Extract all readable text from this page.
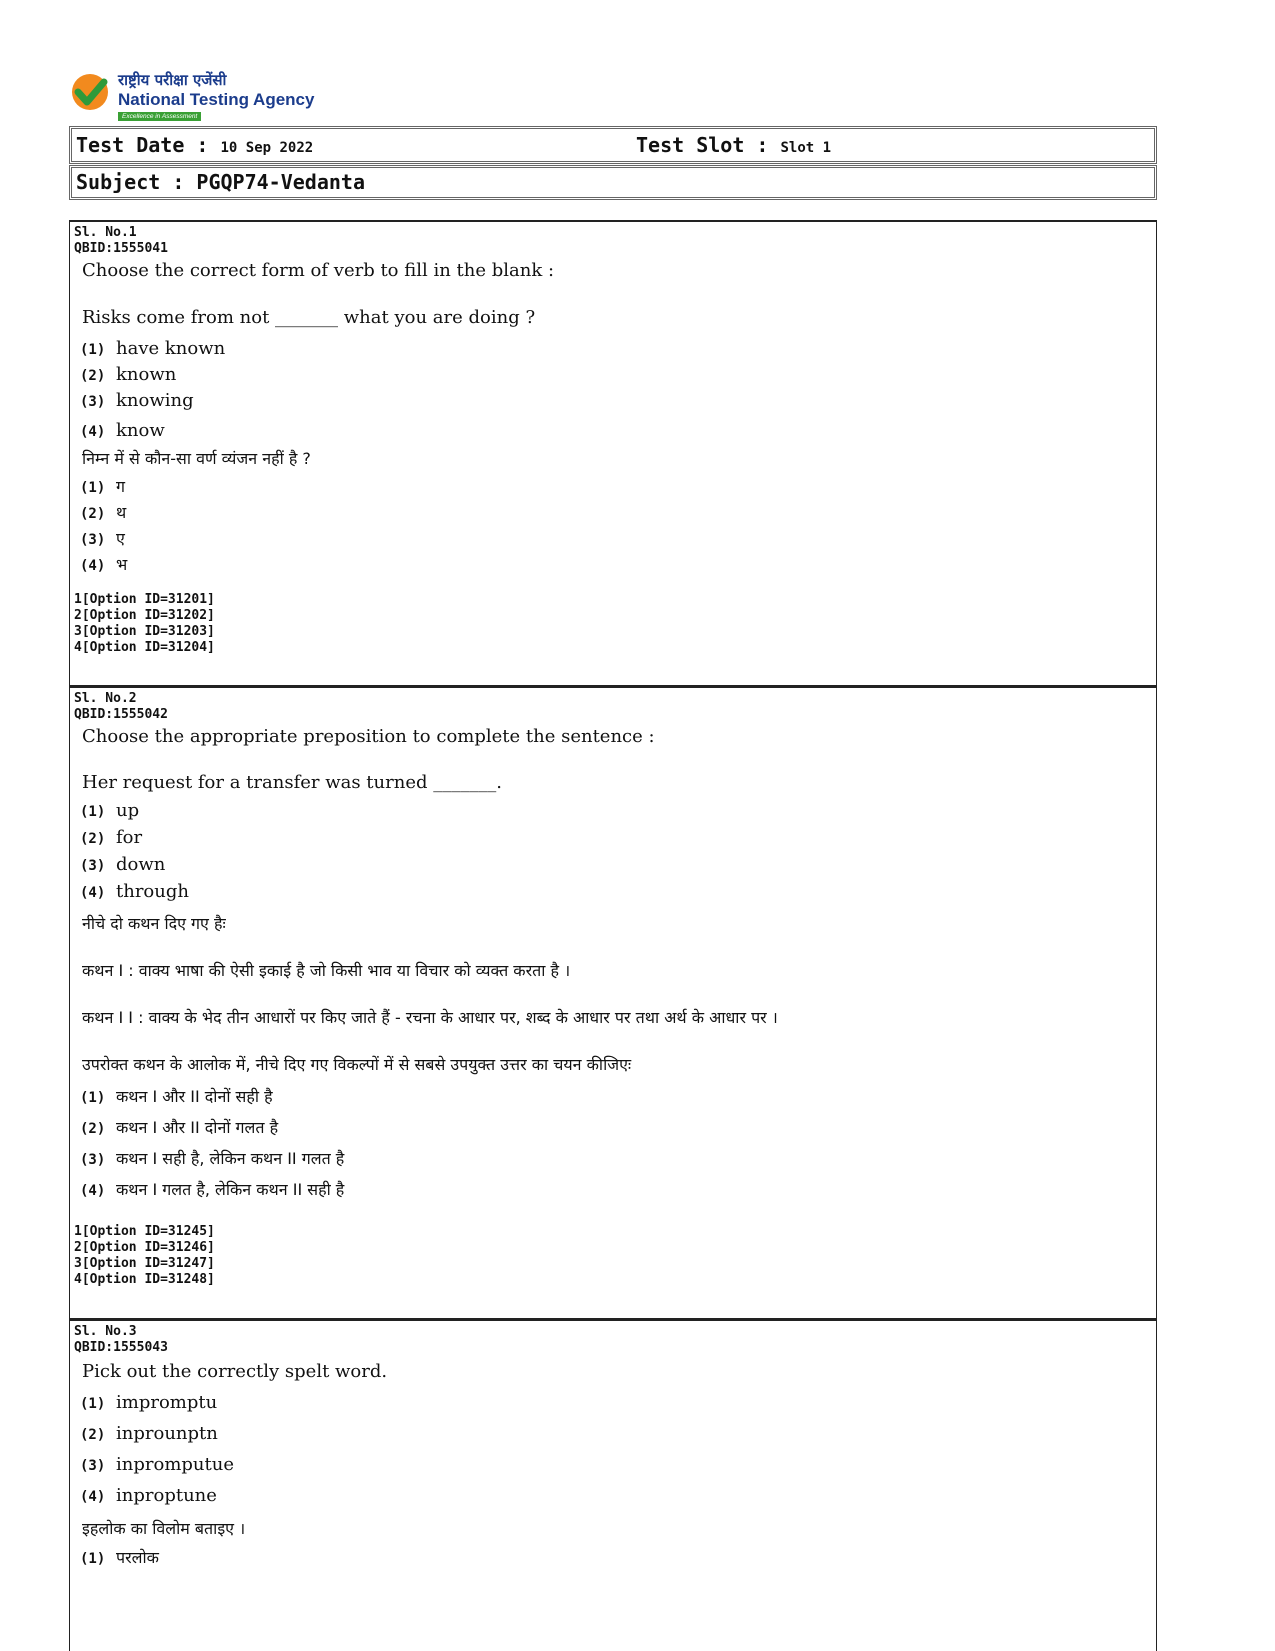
राष्ट्रीय परीक्षा एजेंसी
National Testing Agency
Excellence in Assessment
Test Date : 10 Sep 2022	Test Slot : Slot 1
Subject : PGQP74-Vedanta
Sl. No.1
QBID:1555041
Choose the correct form of verb to fill in the blank :
Risks come from not _______ what you are doing ?
(1) have known
(2) known
(3) knowing
(4) know
निम्न में से कौन-सा वर्ण व्यंजन नहीं है ?
(1) ग
(2) थ
(3) ए
(4) भ
1[Option ID=31201]
2[Option ID=31202]
3[Option ID=31203]
4[Option ID=31204]
Sl. No.2
QBID:1555042
Choose the appropriate preposition to complete the sentence :
Her request for a transfer was turned _______.
(1) up
(2) for
(3) down
(4) through
नीचे दो कथन दिए गए हैः
कथन I : वाक्य भाषा की ऐसी इकाई है जो किसी भाव या विचार को व्यक्त करता है ।
कथन I I : वाक्य के भेद तीन आधारों पर किए जाते हैं - रचना के आधार पर, शब्द के आधार पर तथा अर्थ के आधार पर ।
उपरोक्त कथन के आलोक में, नीचे दिए गए विकल्पों में से सबसे उपयुक्त उत्तर का चयन कीजिएः
(1) कथन I और II दोनों सही है
(2) कथन I और II दोनों गलत है
(3) कथन I सही है, लेकिन कथन II गलत है
(4) कथन I गलत है, लेकिन कथन II सही है
1[Option ID=31245]
2[Option ID=31246]
3[Option ID=31247]
4[Option ID=31248]
Sl. No.3
QBID:1555043
Pick out the correctly spelt word.
(1) impromptu
(2) inprounptn
(3) inpromputue
(4) inproptune
इहलोक का विलोम बताइए ।
(1) परलोक
